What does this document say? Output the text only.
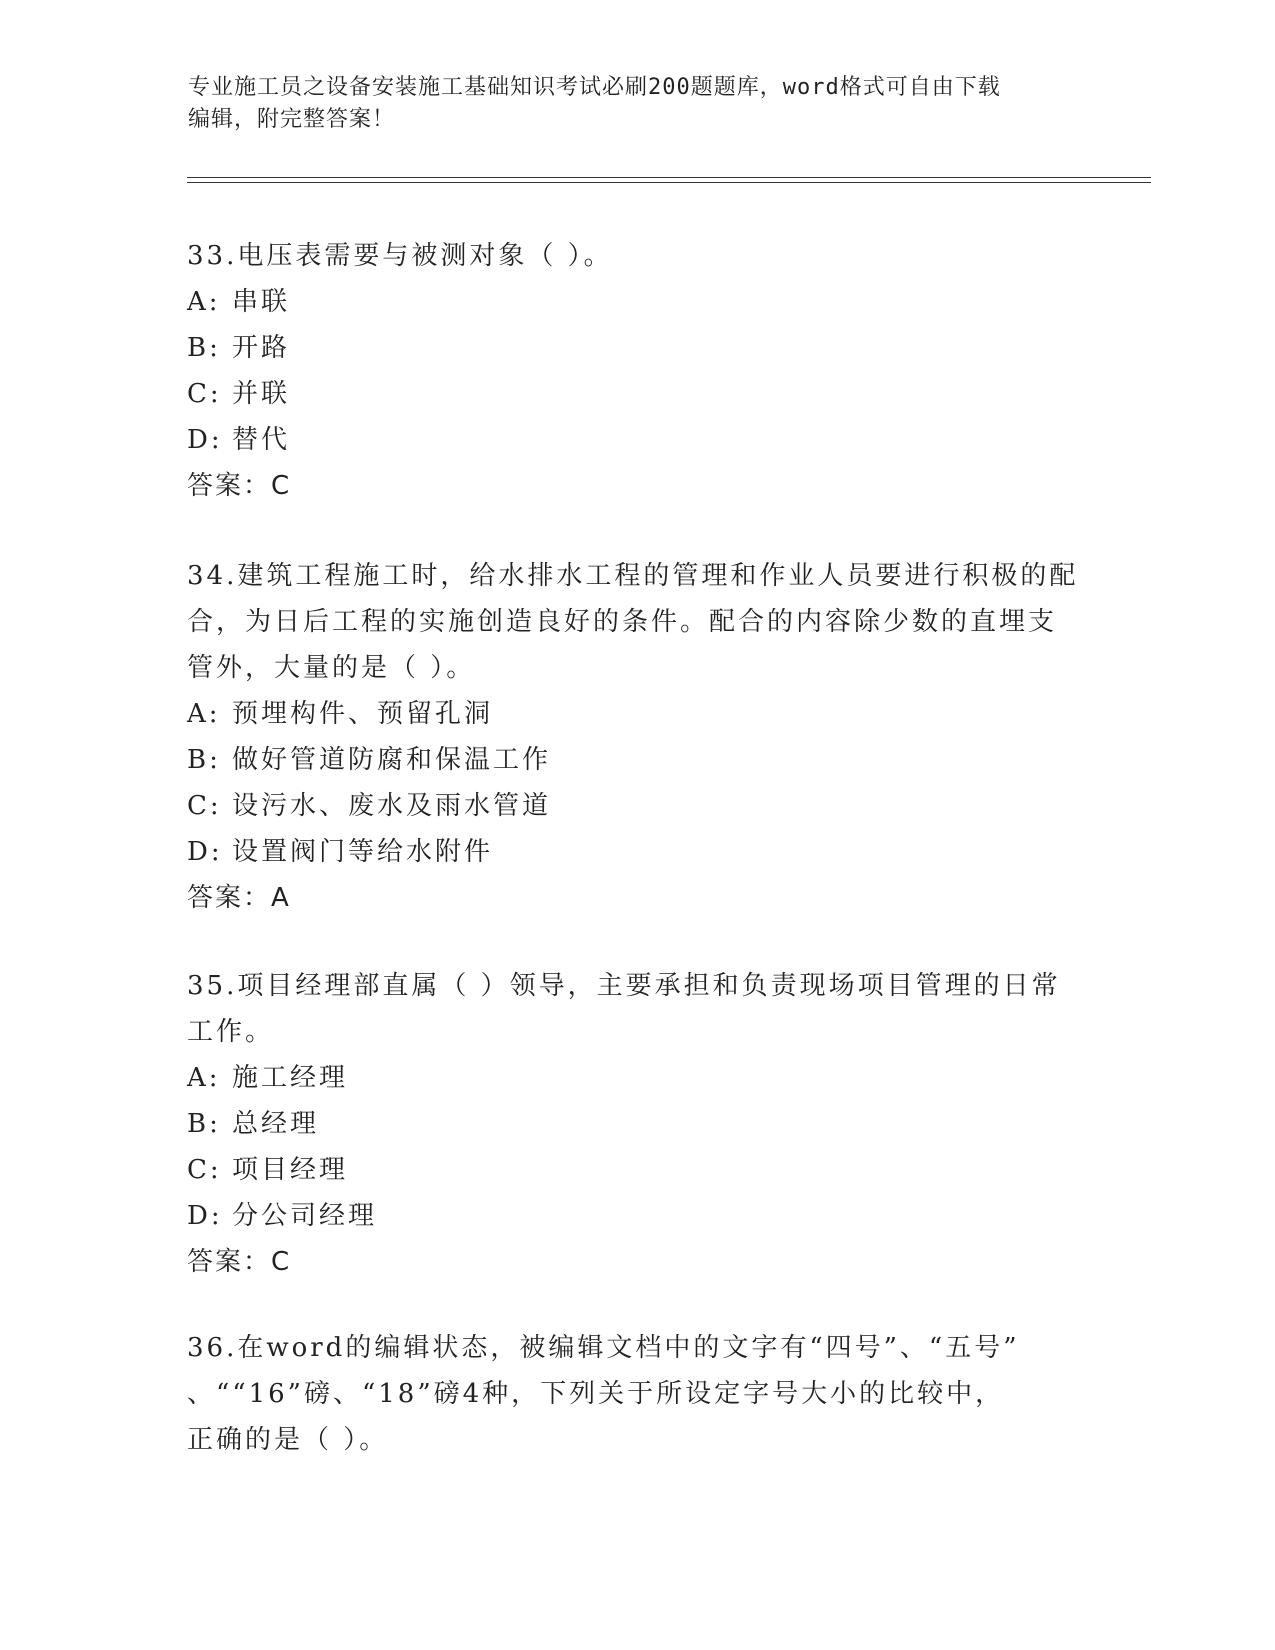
专业施工员之设备安装施工基础知识考试必刷200题题库，word格式可自由下载
编辑，附完整答案！

33.电压表需要与被测对象（ ）。

A: 串联

B: 开路

C: 并联

D: 替代

答案：C

34.建筑工程施工时，给水排水工程的管理和作业人员要进行积极的配

合，为日后工程的实施创造良好的条件。配合的内容除少数的直埋支

管外，大量的是（ ）。

A: 预埋构件、预留孔洞

B: 做好管道防腐和保温工作

C: 设污水、废水及雨水管道

D: 设置阀门等给水附件

答案：A

35.项目经理部直属（ ）领导，主要承担和负责现场项目管理的日常

工作。

A: 施工经理

B: 总经理

C: 项目经理

D: 分公司经理

答案：C

36.在word的编辑状态，被编辑文档中的文字有“四号”、“五号”

、““16”磅、“18”磅4种，下列关于所设定字号大小的比较中，

正确的是（ ）。
